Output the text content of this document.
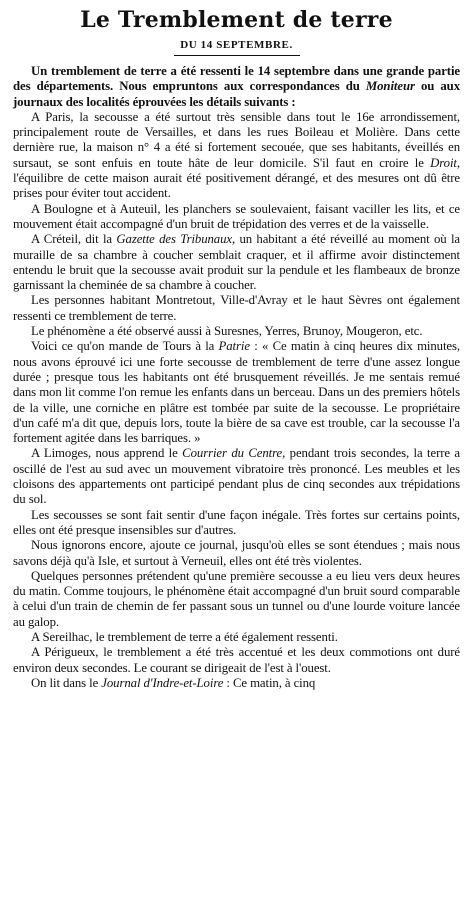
Le Tremblement de terre
DU 14 SEPTEMBRE.

Un tremblement de terre a été ressenti le 14 septembre dans une grande partie des départements. Nous empruntons aux correspondances du Moniteur ou aux journaux des localités éprouvées les détails suivants :

A Paris, la secousse a été surtout très sensible dans tout le 16e arrondissement, principalement route de Versailles, et dans les rues Boileau et Molière. Dans cette dernière rue, la maison n° 4 a été si fortement secouée, que ses habitants, éveillés en sursaut, se sont enfuis en toute hâte de leur domicile. S'il faut en croire le Droit, l'équilibre de cette maison aurait été positivement dérangé, et des mesures ont dû être prises pour éviter tout accident.

A Boulogne et à Auteuil, les planchers se soulevaient, faisant vaciller les lits, et ce mouvement était accompagné d'un bruit de trépidation des verres et de la vaisselle.

A Créteil, dit la Gazette des Tribunaux, un habitant a été réveillé au moment où la muraille de sa chambre à coucher semblait craquer, et il affirme avoir distinctement entendu le bruit que la secousse avait produit sur la pendule et les flambeaux de bronze garnissant la cheminée de sa chambre à coucher.

Les personnes habitant Montretout, Ville-d'Avray et le haut Sèvres ont également ressenti ce tremblement de terre.

Le phénomène a été observé aussi à Suresnes, Yerres, Brunoy, Mougeron, etc.

Voici ce qu'on mande de Tours à la Patrie : « Ce matin à cinq heures dix minutes, nous avons éprouvé ici une forte secousse de tremblement de terre d'une assez longue durée ; presque tous les habitants ont été brusquement réveillés. Je me sentais remué dans mon lit comme l'on remue les enfants dans un berceau. Dans un des premiers hôtels de la ville, une corniche en plâtre est tombée par suite de la secousse. Le propriétaire d'un café m'a dit que, depuis lors, toute la bière de sa cave est trouble, car la secousse l'a fortement agitée dans les barriques. »

A Limoges, nous apprend le Courrier du Centre, pendant trois secondes, la terre a oscillé de l'est au sud avec un mouvement vibratoire très prononcé. Les meubles et les cloisons des appartements ont participé pendant plus de cinq secondes aux trépidations du sol.

Les secousses se sont fait sentir d'une façon inégale. Très fortes sur certains points, elles ont été presque insensibles sur d'autres.

Nous ignorons encore, ajoute ce journal, jusqu'où elles se sont étendues ; mais nous savons déjà qu'à Isle, et surtout à Verneuil, elles ont été très violentes.

Quelques personnes prétendent qu'une première secousse a eu lieu vers deux heures du matin. Comme toujours, le phénomène était accompagné d'un bruit sourd comparable à celui d'un train de chemin de fer passant sous un tunnel ou d'une lourde voiture lancée au galop.

A Sereilhac, le tremblement de terre a été également ressenti.

A Périgueux, le tremblement a été très accentué et les deux commotions ont duré environ deux secondes. Le courant se dirigeait de l'est à l'ouest.

On lit dans le Journal d'Indre-et-Loire : Ce matin, à cinq
